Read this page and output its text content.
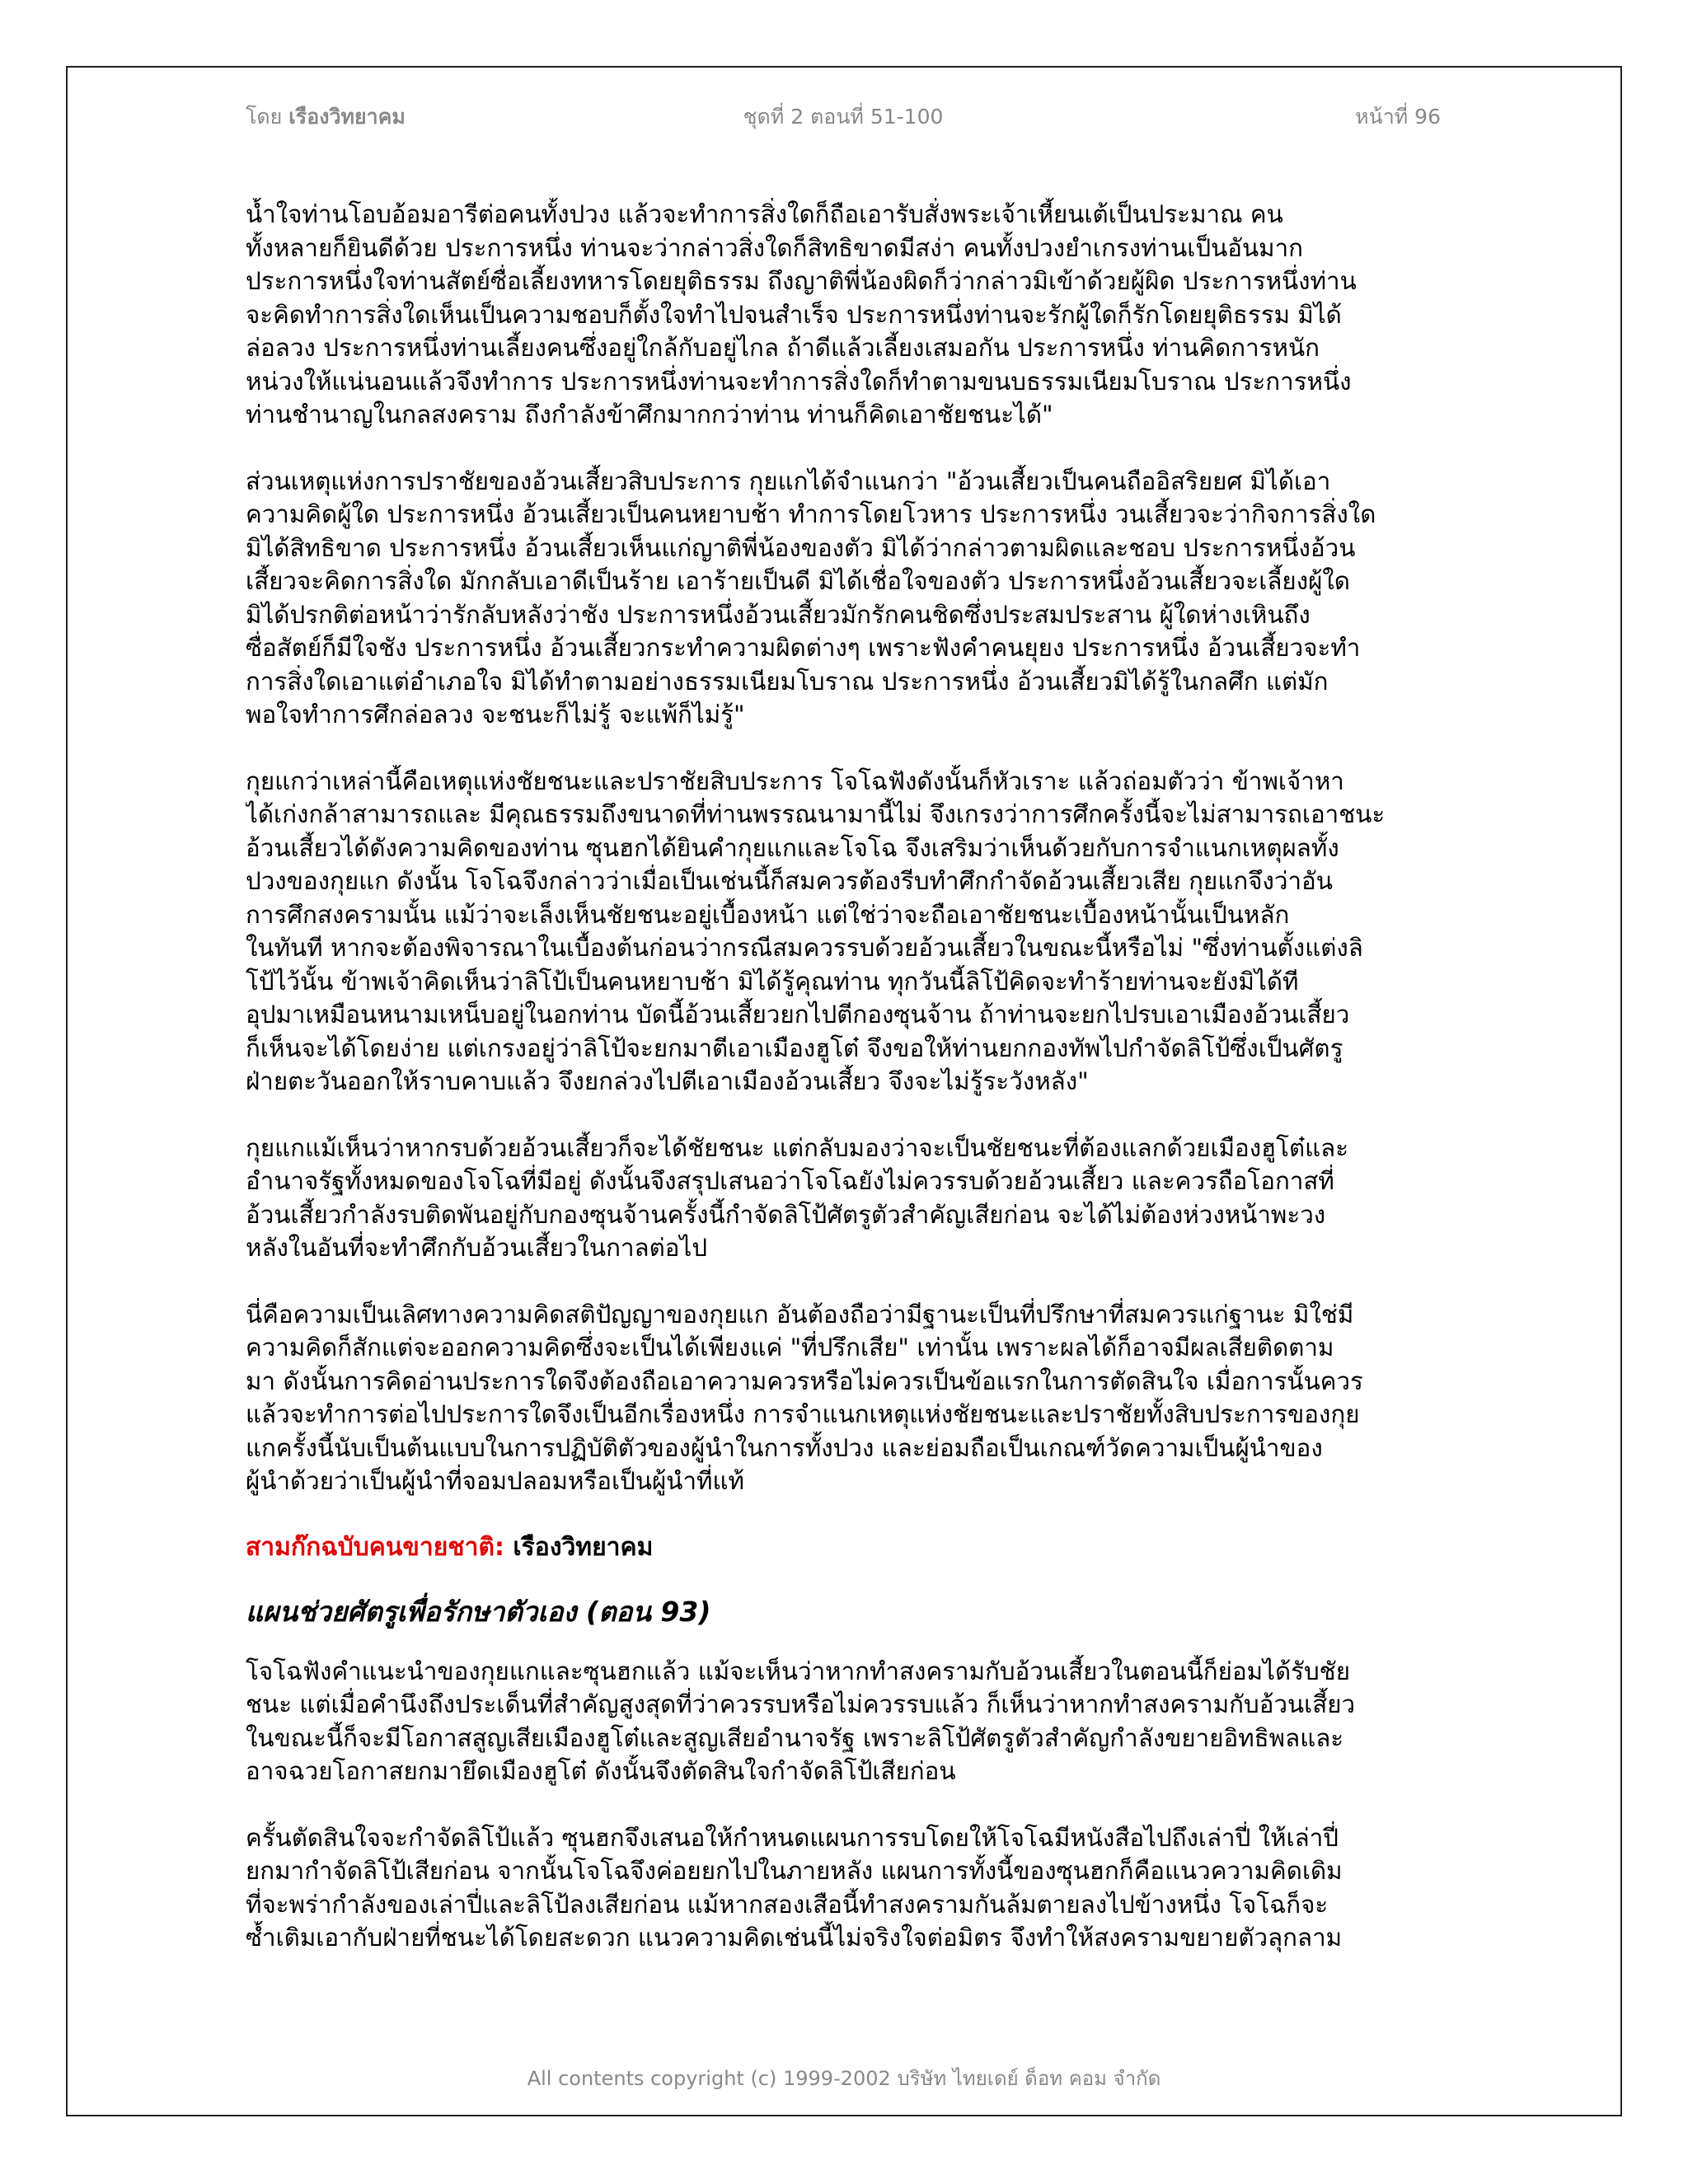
โดย เรืองวิทยาคม	ชุดที่ 2 ตอนที่ 51-100	หน้าที่ 96
น้ำใจท่านโอบอ้อมอารีต่อคนทั้งปวง แล้วจะทำการสิ่งใดก็ถือเอารับสั่งพระเจ้าเหี้ยนเต้เป็นประมาณ คน
ทั้งหลายก็ยินดีด้วย ประการหนึ่ง ท่านจะว่ากล่าวสิ่งใดก็สิทธิขาดมีสง่า คนทั้งปวงยำเกรงท่านเป็นอันมาก
ประการหนึ่งใจท่านสัตย์ซื่อเลี้ยงทหารโดยยุติธรรม ถึงญาติพี่น้องผิดก็ว่ากล่าวมิเข้าด้วยผู้ผิด ประการหนึ่งท่าน
จะคิดทำการสิ่งใดเห็นเป็นความชอบก็ตั้งใจทำไปจนสำเร็จ ประการหนึ่งท่านจะรักผู้ใดก็รักโดยยุติธรรม มิได้
ล่อลวง ประการหนึ่งท่านเลี้ยงคนซึ่งอยู่ใกล้กับอยู่ไกล ถ้าดีแล้วเลี้ยงเสมอกัน ประการหนึ่ง ท่านคิดการหนัก
หน่วงให้แน่นอนแล้วจึงทำการ ประการหนึ่งท่านจะทำการสิ่งใดก็ทำตามขนบธรรมเนียมโบราณ ประการหนึ่ง
ท่านชำนาญในกลสงคราม ถึงกำลังข้าศึกมากกว่าท่าน ท่านก็คิดเอาชัยชนะได้"
ส่วนเหตุแห่งการปราชัยของอ้วนเสี้ยวสิบประการ กุยแกได้จำแนกว่า "อ้วนเสี้ยวเป็นคนถืออิสริยยศ มิได้เอา
ความคิดผู้ใด ประการหนึ่ง อ้วนเสี้ยวเป็นคนหยาบช้า ทำการโดยโวหาร ประการหนึ่ง วนเสี้ยวจะว่ากิจการสิ่งใด
มิได้สิทธิขาด ประการหนึ่ง อ้วนเสี้ยวเห็นแก่ญาติพี่น้องของตัว มิได้ว่ากล่าวตามผิดและชอบ ประการหนึ่งอ้วน
เสี้ยวจะคิดการสิ่งใด มักกลับเอาดีเป็นร้าย เอาร้ายเป็นดี มิได้เชื่อใจของตัว ประการหนึ่งอ้วนเสี้ยวจะเลี้ยงผู้ใด
มิได้ปรกติต่อหน้าว่ารักลับหลังว่าชัง ประการหนึ่งอ้วนเสี้ยวมักรักคนชิดซึ่งประสมประสาน ผู้ใดห่างเหินถึง
ซื่อสัตย์ก็มีใจชัง ประการหนึ่ง อ้วนเสี้ยวกระทำความผิดต่างๆ เพราะฟังคำคนยุยง ประการหนึ่ง อ้วนเสี้ยวจะทำ
การสิ่งใดเอาแต่อำเภอใจ มิได้ทำตามอย่างธรรมเนียมโบราณ ประการหนึ่ง อ้วนเสี้ยวมิได้รู้ในกลศึก แต่มัก
พอใจทำการศึกล่อลวง จะชนะก็ไม่รู้ จะแพ้ก็ไม่รู้"
กุยแกว่าเหล่านี้คือเหตุแห่งชัยชนะและปราชัยสิบประการ โจโฉฟังดังนั้นก็หัวเราะ แล้วถ่อมตัวว่า ข้าพเจ้าหา
ได้เก่งกล้าสามารถและ มีคุณธรรมถึงขนาดที่ท่านพรรณนามานี้ไม่ จึงเกรงว่าการศึกครั้งนี้จะไม่สามารถเอาชนะ
อ้วนเสี้ยวได้ดังความคิดของท่าน ซุนฮกได้ยินคำกุยแกและโจโฉ จึงเสริมว่าเห็นด้วยกับการจำแนกเหตุผลทั้ง
ปวงของกุยแก ดังนั้น โจโฉจึงกล่าวว่าเมื่อเป็นเช่นนี้ก็สมควรต้องรีบทำศึกกำจัดอ้วนเสี้ยวเสีย กุยแกจึงว่าอัน
การศึกสงครามนั้น แม้ว่าจะเล็งเห็นชัยชนะอยู่เบื้องหน้า แต่ใช่ว่าจะถือเอาชัยชนะเบื้องหน้านั้นเป็นหลัก
ในทันที หากจะต้องพิจารณาในเบื้องต้นก่อนว่ากรณีสมควรรบด้วยอ้วนเสี้ยวในขณะนี้หรือไม่ "ซึ่งท่านตั้งแต่งลิ
โป้ไว้นั้น ข้าพเจ้าคิดเห็นว่าลิโป้เป็นคนหยาบช้า มิได้รู้คุณท่าน ทุกวันนี้ลิโป้คิดจะทำร้ายท่านจะยังมิได้ที
อุปมาเหมือนหนามเหน็บอยู่ในอกท่าน บัดนี้อ้วนเสี้ยวยกไปตีกองซุนจ้าน ถ้าท่านจะยกไปรบเอาเมืองอ้วนเสี้ยว
ก็เห็นจะได้โดยง่าย แต่เกรงอยู่ว่าลิโป้จะยกมาตีเอาเมืองฮูโต๋ จึงขอให้ท่านยกกองทัพไปกำจัดลิโป้ซึ่งเป็นศัตรู
ฝ่ายตะวันออกให้ราบคาบแล้ว จึงยกล่วงไปตีเอาเมืองอ้วนเสี้ยว จึงจะไม่รู้ระวังหลัง"
กุยแกแม้เห็นว่าหากรบด้วยอ้วนเสี้ยวก็จะได้ชัยชนะ แต่กลับมองว่าจะเป็นชัยชนะที่ต้องแลกด้วยเมืองฮูโต๋และ
อำนาจรัฐทั้งหมดของโจโฉที่มีอยู่ ดังนั้นจึงสรุปเสนอว่าโจโฉยังไม่ควรรบด้วยอ้วนเสี้ยว และควรถือโอกาสที่
อ้วนเสี้ยวกำลังรบติดพันอยู่กับกองซุนจ้านครั้งนี้กำจัดลิโป้ศัตรูตัวสำคัญเสียก่อน จะได้ไม่ต้องห่วงหน้าพะวง
หลังในอันที่จะทำศึกกับอ้วนเสี้ยวในกาลต่อไป
นี่คือความเป็นเลิศทางความคิดสติปัญญาของกุยแก อันต้องถือว่ามีฐานะเป็นที่ปรึกษาที่สมควรแก่ฐานะ มิใช่มี
ความคิดก็สักแต่จะออกความคิดซึ่งจะเป็นได้เพียงแค่ "ที่ปรึกเสีย" เท่านั้น เพราะผลได้ก็อาจมีผลเสียติดตาม
มา ดังนั้นการคิดอ่านประการใดจึงต้องถือเอาความควรหรือไม่ควรเป็นข้อแรกในการตัดสินใจ เมื่อการนั้นควร
แล้วจะทำการต่อไปประการใดจึงเป็นอีกเรื่องหนึ่ง การจำแนกเหตุแห่งชัยชนะและปราชัยทั้งสิบประการของกุย
แกครั้งนี้นับเป็นต้นแบบในการปฏิบัติตัวของผู้นำในการทั้งปวง และย่อมถือเป็นเกณฑ์วัดความเป็นผู้นำของ
ผู้นำด้วยว่าเป็นผู้นำที่จอมปลอมหรือเป็นผู้นำที่แท้
สามก๊กฉบับคนขายชาติ: เรืองวิทยาคม
แผนช่วยศัตรูเพื่อรักษาตัวเอง (ตอน 93)
โจโฉฟังคำแนะนำของกุยแกและซุนฮกแล้ว แม้จะเห็นว่าหากทำสงครามกับอ้วนเสี้ยวในตอนนี้ก็ย่อมได้รับชัย
ชนะ แต่เมื่อคำนึงถึงประเด็นที่สำคัญสูงสุดที่ว่าควรรบหรือไม่ควรรบแล้ว ก็เห็นว่าหากทำสงครามกับอ้วนเสี้ยว
ในขณะนี้ก็จะมีโอกาสสูญเสียเมืองฮูโต๋และสูญเสียอำนาจรัฐ เพราะลิโป้ศัตรูตัวสำคัญกำลังขยายอิทธิพลและ
อาจฉวยโอกาสยกมายึดเมืองฮูโต๋ ดังนั้นจึงตัดสินใจกำจัดลิโป้เสียก่อน
ครั้นตัดสินใจจะกำจัดลิโป้แล้ว ซุนฮกจึงเสนอให้กำหนดแผนการรบโดยให้โจโฉมีหนังสือไปถึงเล่าปี่ ให้เล่าปี่
ยกมากำจัดลิโป้เสียก่อน จากนั้นโจโฉจึงค่อยยกไปในภายหลัง แผนการทั้งนี้ของซุนฮกก็คือแนวความคิดเดิม
ที่จะพร่ากำลังของเล่าปี่และลิโป้ลงเสียก่อน แม้หากสองเสือนี้ทำสงครามกันล้มตายลงไปข้างหนึ่ง โจโฉก็จะ
ซ้ำเติมเอากับฝ่ายที่ชนะได้โดยสะดวก แนวความคิดเช่นนี้ไม่จริงใจต่อมิตร จึงทำให้สงครามขยายตัวลุกลาม
All contents copyright (c) 1999-2002 บริษัท ไทยเดย์ ด็อท คอม จำกัด
